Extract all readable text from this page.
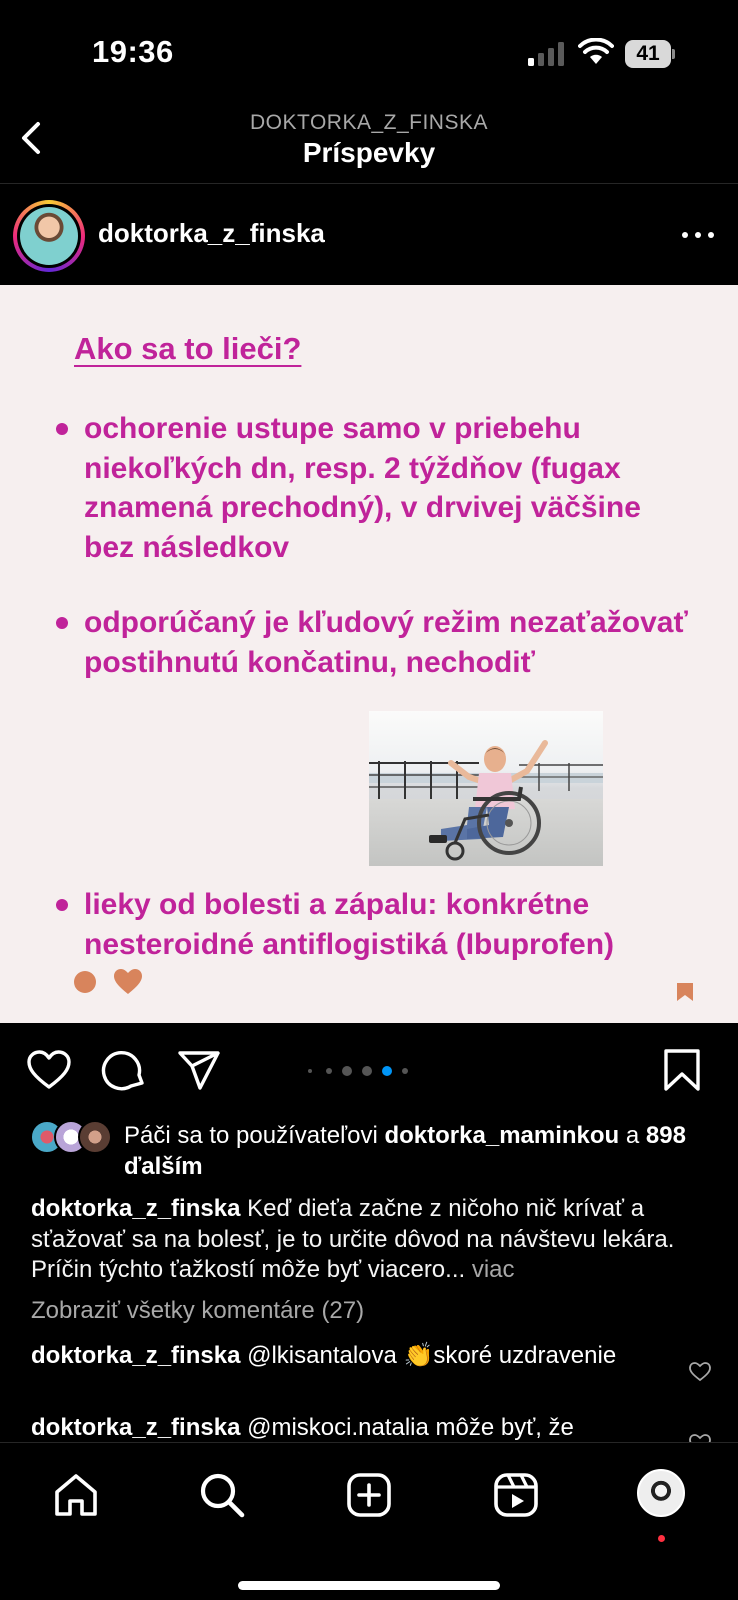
19:36	41
DOKTORKA_Z_FINSKA
Príspevky
doktorka_z_finska
Ako sa to lieči?
ochorenie ustupe samo v priebehu niekoľkých dn, resp. 2 týždňov (fugax znamená prechodný), v drvivej väčšine bez následkov
odporúčaný je kľudový režim nezaťažovať postihnutú končatinu, nechodiť
lieky od bolesti a zápalu: konkrétne nesteroidné antiflogistiká (Ibuprofen)
Páči sa to používateľovi doktorka_maminkou a 898 ďalším
doktorka_z_finska Keď dieťa začne z ničoho nič krívať a sťažovať sa na bolesť, je to určite dôvod na návštevu lekára. Príčin týchto ťažkostí môže byť viacero... viac
Zobraziť všetky komentáre (27)
doktorka_z_finska @lkisantalova 👏skoré uzdravenie
doktorka_z_finska @miskoci.natalia môže byť, že
